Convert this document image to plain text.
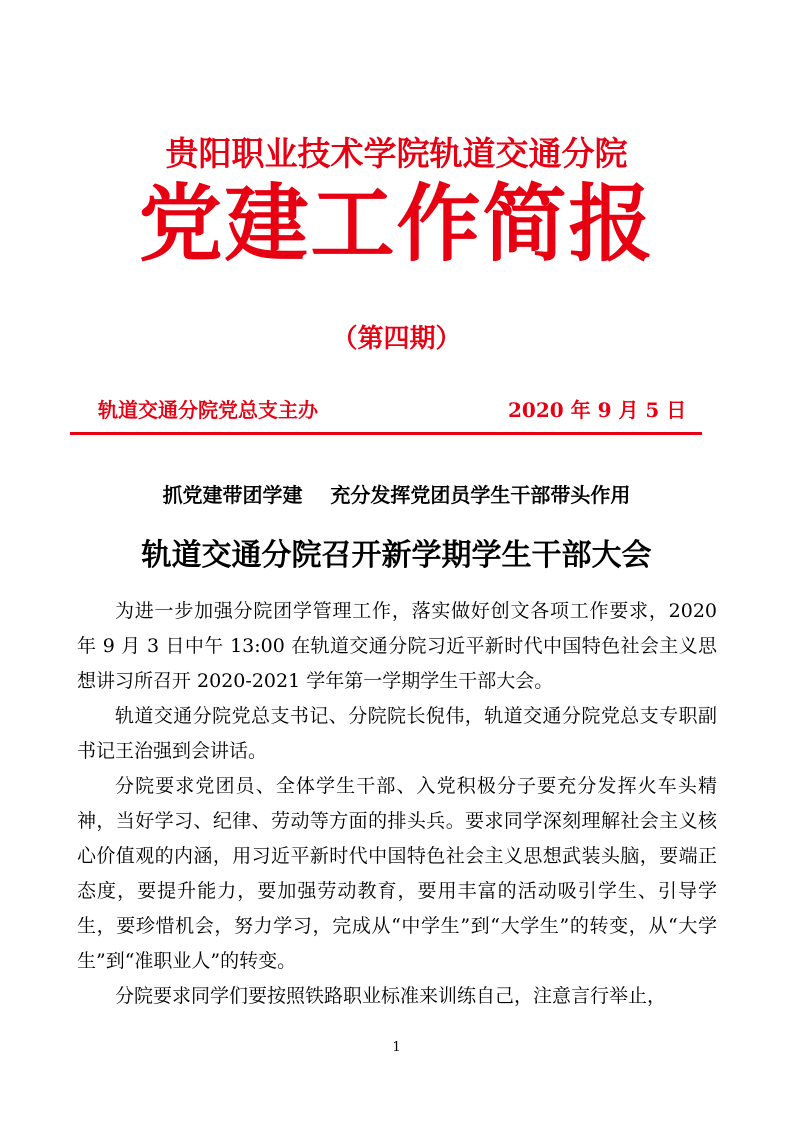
贵阳职业技术学院轨道交通分院
党建工作简报
（第四期）
轨道交通分院党总支主办	2020 年 9 月 5 日
抓党建带团学建    充分发挥党团员学生干部带头作用
轨道交通分院召开新学期学生干部大会

为进一步加强分院团学管理工作，落实做好创文各项工作要求，2020 年 9 月 3 日中午 13:00 在轨道交通分院习近平新时代中国特色社会主义思想讲习所召开 2020-2021 学年第一学期学生干部大会。

轨道交通分院党总支书记、分院院长倪伟，轨道交通分院党总支专职副书记王治强到会讲话。

分院要求党团员、全体学生干部、入党积极分子要充分发挥火车头精神，当好学习、纪律、劳动等方面的排头兵。要求同学深刻理解社会主义核心价值观的内涵，用习近平新时代中国特色社会主义思想武装头脑，要端正态度，要提升能力，要加强劳动教育，要用丰富的活动吸引学生、引导学生，要珍惜机会，努力学习，完成从“中学生”到“大学生”的转变，从“大学生”到“准职业人”的转变。

分院要求同学们要按照铁路职业标准来训练自己，注意言行举止，

1
